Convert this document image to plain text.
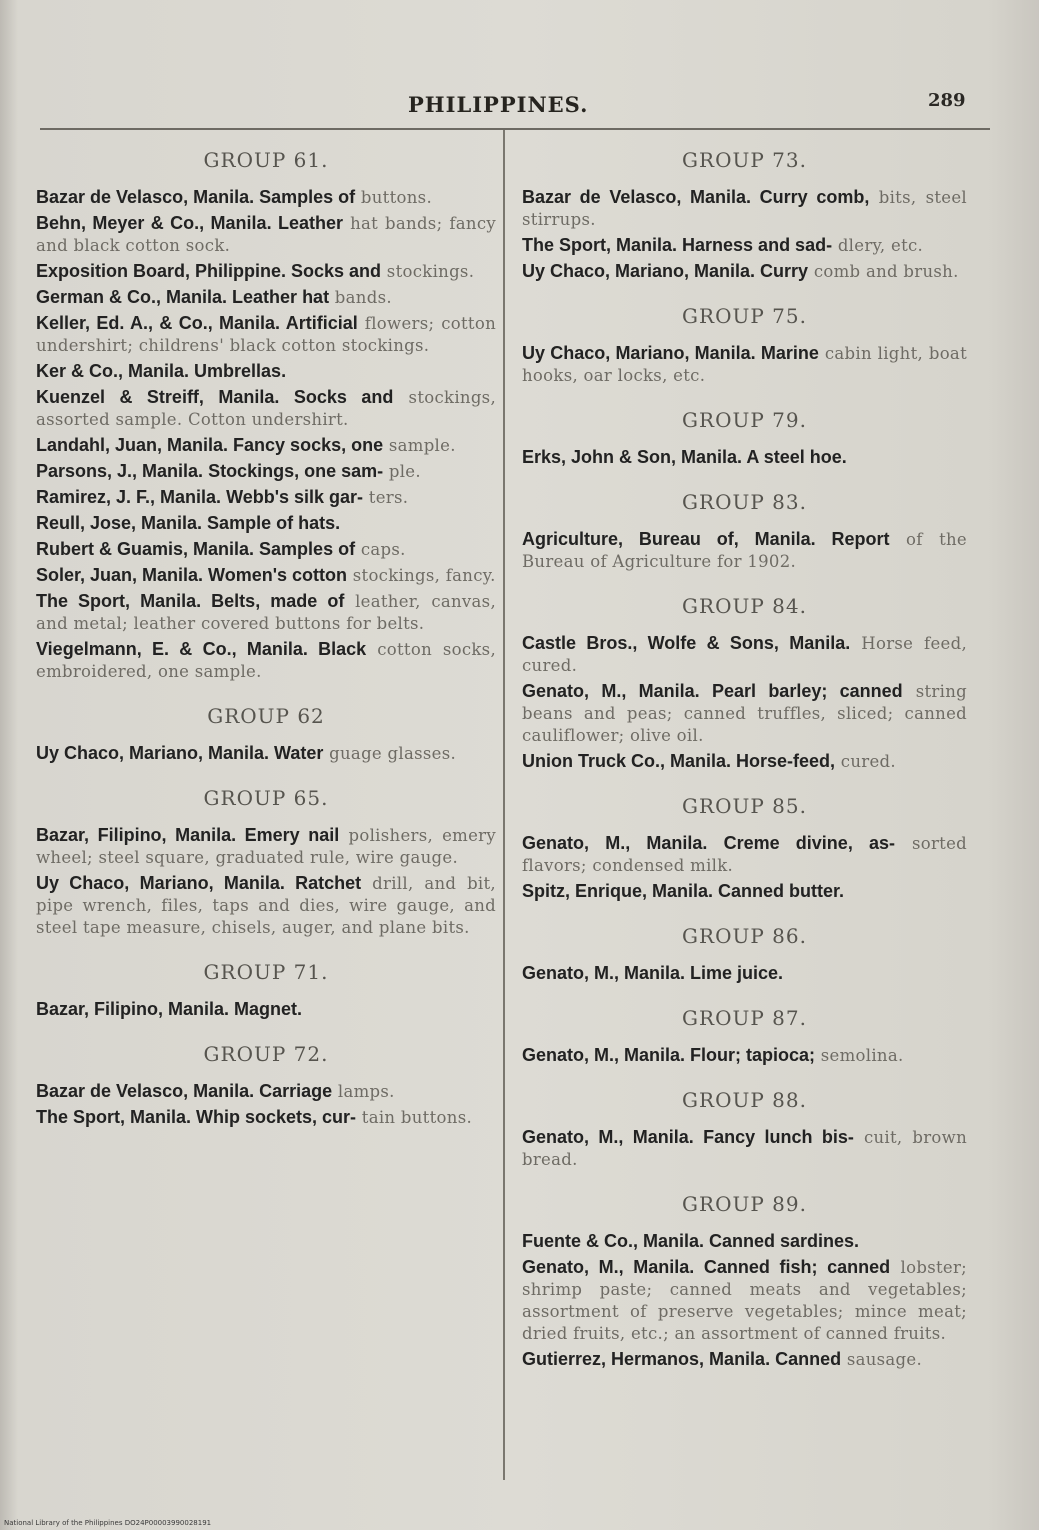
PHILIPPINES.	289
GROUP 61.
Bazar de Velasco, Manila. Samples of buttons.
Behn, Meyer & Co., Manila. Leather hat bands; fancy and black cotton sock.
Exposition Board, Philippine. Socks and stockings.
German & Co., Manila. Leather hat bands.
Keller, Ed. A., & Co., Manila. Artificial flowers; cotton undershirt; childrens' black cotton stockings.
Ker & Co., Manila. Umbrellas.
Kuenzel & Streiff, Manila. Socks and stockings, assorted sample. Cotton undershirt.
Landahl, Juan, Manila. Fancy socks, one sample.
Parsons, J., Manila. Stockings, one sam- ple.
Ramirez, J. F., Manila. Webb's silk gar- ters.
Reull, Jose, Manila. Sample of hats.
Rubert & Guamis, Manila. Samples of caps.
Soler, Juan, Manila. Women's cotton stockings, fancy.
The Sport, Manila. Belts, made of leather, canvas, and metal; leather covered buttons for belts.
Viegelmann, E. & Co., Manila. Black cotton socks, embroidered, one sample.
GROUP 62
Uy Chaco, Mariano, Manila. Water guage glasses.
GROUP 65.
Bazar, Filipino, Manila. Emery nail polishers, emery wheel; steel square, graduated rule, wire gauge.
Uy Chaco, Mariano, Manila. Ratchet drill, and bit, pipe wrench, files, taps and dies, wire gauge, and steel tape measure, chisels, auger, and plane bits.
GROUP 71.
Bazar, Filipino, Manila. Magnet.
GROUP 72.
Bazar de Velasco, Manila. Carriage lamps.
The Sport, Manila. Whip sockets, cur- tain buttons.
GROUP 73.
Bazar de Velasco, Manila. Curry comb, bits, steel stirrups.
The Sport, Manila. Harness and sad- dlery, etc.
Uy Chaco, Mariano, Manila. Curry comb and brush.
GROUP 75.
Uy Chaco, Mariano, Manila. Marine cabin light, boat hooks, oar locks, etc.
GROUP 79.
Erks, John & Son, Manila. A steel hoe.
GROUP 83.
Agriculture, Bureau of, Manila. Report of the Bureau of Agriculture for 1902.
GROUP 84.
Castle Bros., Wolfe & Sons, Manila. Horse feed, cured.
Genato, M., Manila. Pearl barley; canned string beans and peas; canned truffles, sliced; canned cauliflower; olive oil.
Union Truck Co., Manila. Horse-feed, cured.
GROUP 85.
Genato, M., Manila. Creme divine, as- sorted flavors; condensed milk.
Spitz, Enrique, Manila. Canned butter.
GROUP 86.
Genato, M., Manila. Lime juice.
GROUP 87.
Genato, M., Manila. Flour; tapioca; semolina.
GROUP 88.
Genato, M., Manila. Fancy lunch bis- cuit, brown bread.
GROUP 89.
Fuente & Co., Manila. Canned sardines.
Genato, M., Manila. Canned fish; canned lobster; shrimp paste; canned meats and vegetables; assortment of preserve vegetables; mince meat; dried fruits, etc.; an assortment of canned fruits.
Gutierrez, Hermanos, Manila. Canned sausage.
National Library of the Philippines DO24P00003990028191
